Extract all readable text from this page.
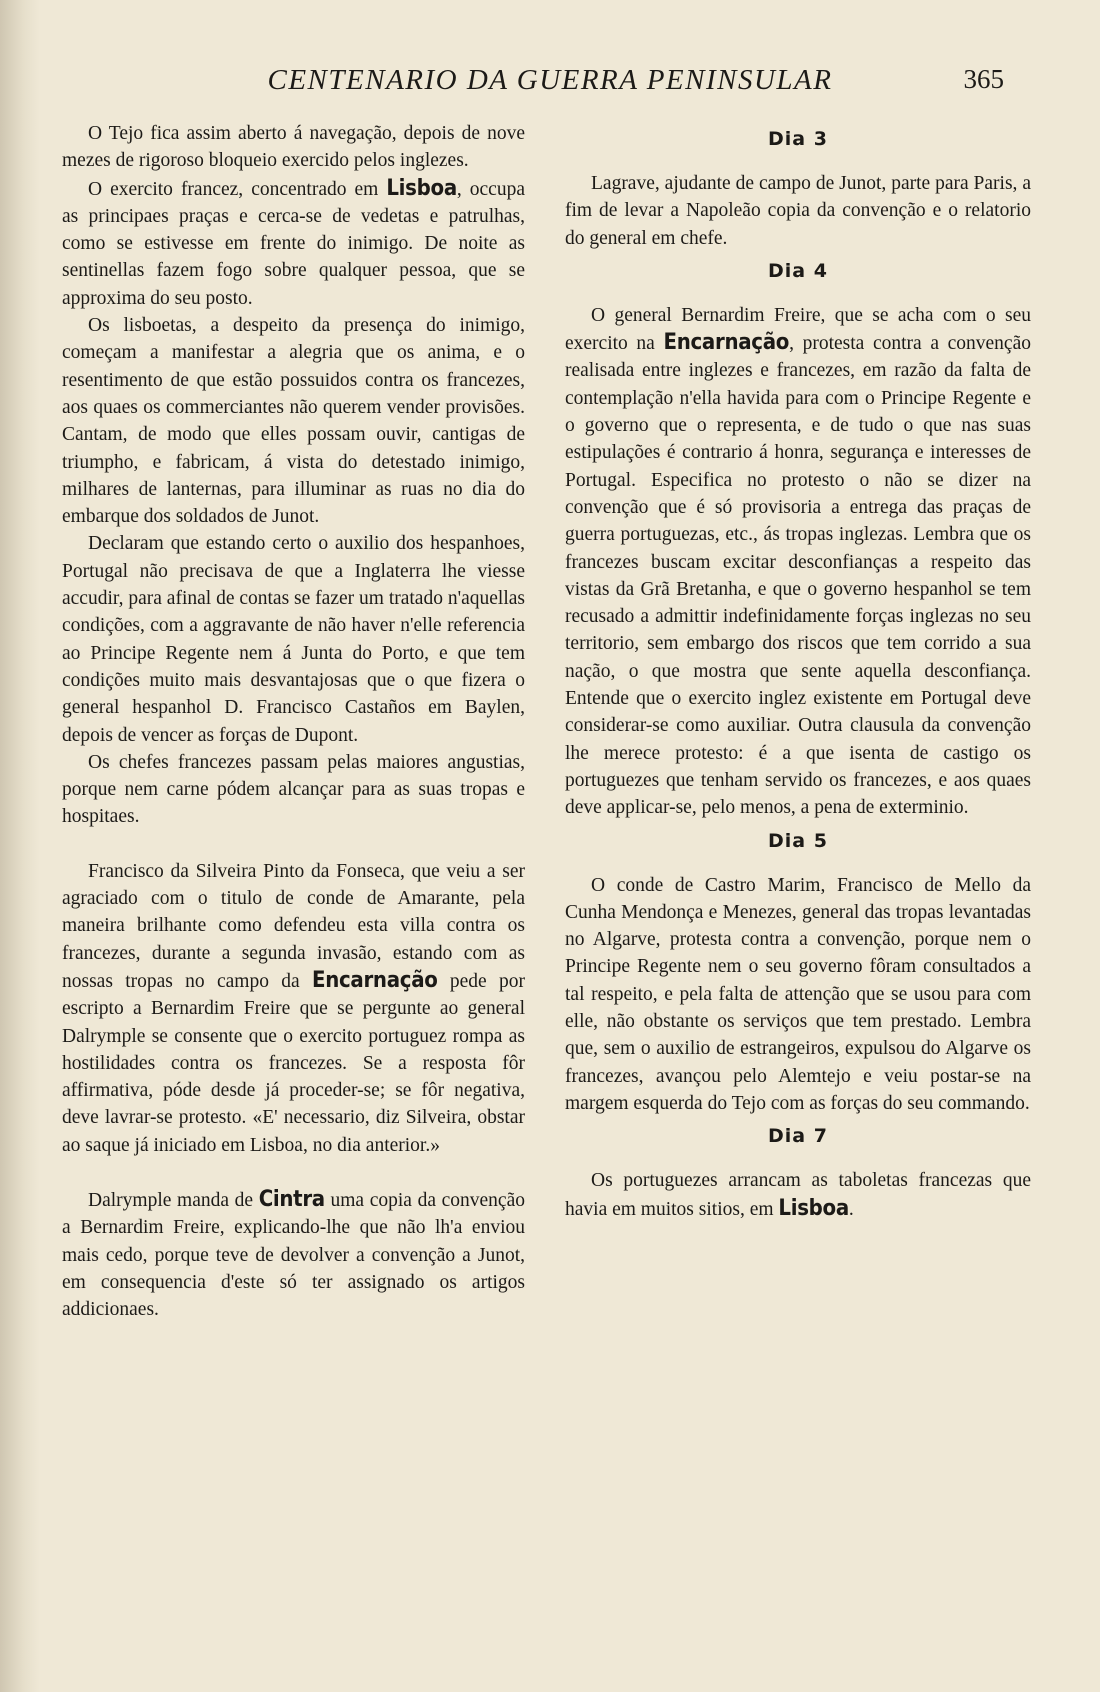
CENTENARIO DA GUERRA PENINSULAR	365

O Tejo fica assim aberto á navegação, depois de nove mezes de rigoroso bloqueio exercido pelos inglezes.

O exercito francez, concentrado em Lisboa, occupa as principaes praças e cerca-se de vedetas e patrulhas, como se estivesse em frente do inimigo. De noite as sentinellas fazem fogo sobre qualquer pessoa, que se approxima do seu posto.

Os lisboetas, a despeito da presença do inimigo, começam a manifestar a alegria que os anima, e o resentimento de que estão possuidos contra os francezes, aos quaes os commerciantes não querem vender provisões. Cantam, de modo que elles possam ouvir, cantigas de triumpho, e fabricam, á vista do detestado inimigo, milhares de lanternas, para illuminar as ruas no dia do embarque dos soldados de Junot.

Declaram que estando certo o auxilio dos hespanhoes, Portugal não precisava de que a Inglaterra lhe viesse accudir, para afinal de contas se fazer um tratado n'aquellas condições, com a aggravante de não haver n'elle referencia ao Principe Regente nem á Junta do Porto, e que tem condições muito mais desvantajosas que o que fizera o general hespanhol D. Francisco Castaños em Baylen, depois de vencer as forças de Dupont.

Os chefes francezes passam pelas maiores angustias, porque nem carne pódem alcançar para as suas tropas e hospitaes.

Francisco da Silveira Pinto da Fonseca, que veiu a ser agraciado com o titulo de conde de Amarante, pela maneira brilhante como defendeu esta villa contra os francezes, durante a segunda invasão, estando com as nossas tropas no campo da Encarnação pede por escripto a Bernardim Freire que se pergunte ao general Dalrymple se consente que o exercito portuguez rompa as hostilidades contra os francezes. Se a resposta fôr affirmativa, póde desde já proceder-se; se fôr negativa, deve lavrar-se protesto. «E' necessario, diz Silveira, obstar ao saque já iniciado em Lisboa, no dia anterior.»

Dalrymple manda de Cintra uma copia da convenção a Bernardim Freire, explicando-lhe que não lh'a enviou mais cedo, porque teve de devolver a convenção a Junot, em consequencia d'este só ter assignado os artigos addicionaes.

Dia 3

Lagrave, ajudante de campo de Junot, parte para Paris, a fim de levar a Napoleão copia da convenção e o relatorio do general em chefe.

Dia 4

O general Bernardim Freire, que se acha com o seu exercito na Encarnação, protesta contra a convenção realisada entre inglezes e francezes, em razão da falta de contemplação n'ella havida para com o Principe Regente e o governo que o representa, e de tudo o que nas suas estipulações é contrario á honra, segurança e interesses de Portugal. Especifica no protesto o não se dizer na convenção que é só provisoria a entrega das praças de guerra portuguezas, etc., ás tropas inglezas. Lembra que os francezes buscam excitar desconfianças a respeito das vistas da Grã Bretanha, e que o governo hespanhol se tem recusado a admittir indefinidamente forças inglezas no seu territorio, sem embargo dos riscos que tem corrido a sua nação, o que mostra que sente aquella desconfiança. Entende que o exercito inglez existente em Portugal deve considerar-se como auxiliar. Outra clausula da convenção lhe merece protesto: é a que isenta de castigo os portuguezes que tenham servido os francezes, e aos quaes deve applicar-se, pelo menos, a pena de exterminio.

Dia 5

O conde de Castro Marim, Francisco de Mello da Cunha Mendonça e Menezes, general das tropas levantadas no Algarve, protesta contra a convenção, porque nem o Principe Regente nem o seu governo fôram consultados a tal respeito, e pela falta de attenção que se usou para com elle, não obstante os serviços que tem prestado. Lembra que, sem o auxilio de estrangeiros, expulsou do Algarve os francezes, avançou pelo Alemtejo e veiu postar-se na margem esquerda do Tejo com as forças do seu commando.

Dia 7

Os portuguezes arrancam as taboletas francezas que havia em muitos sitios, em Lisboa.
